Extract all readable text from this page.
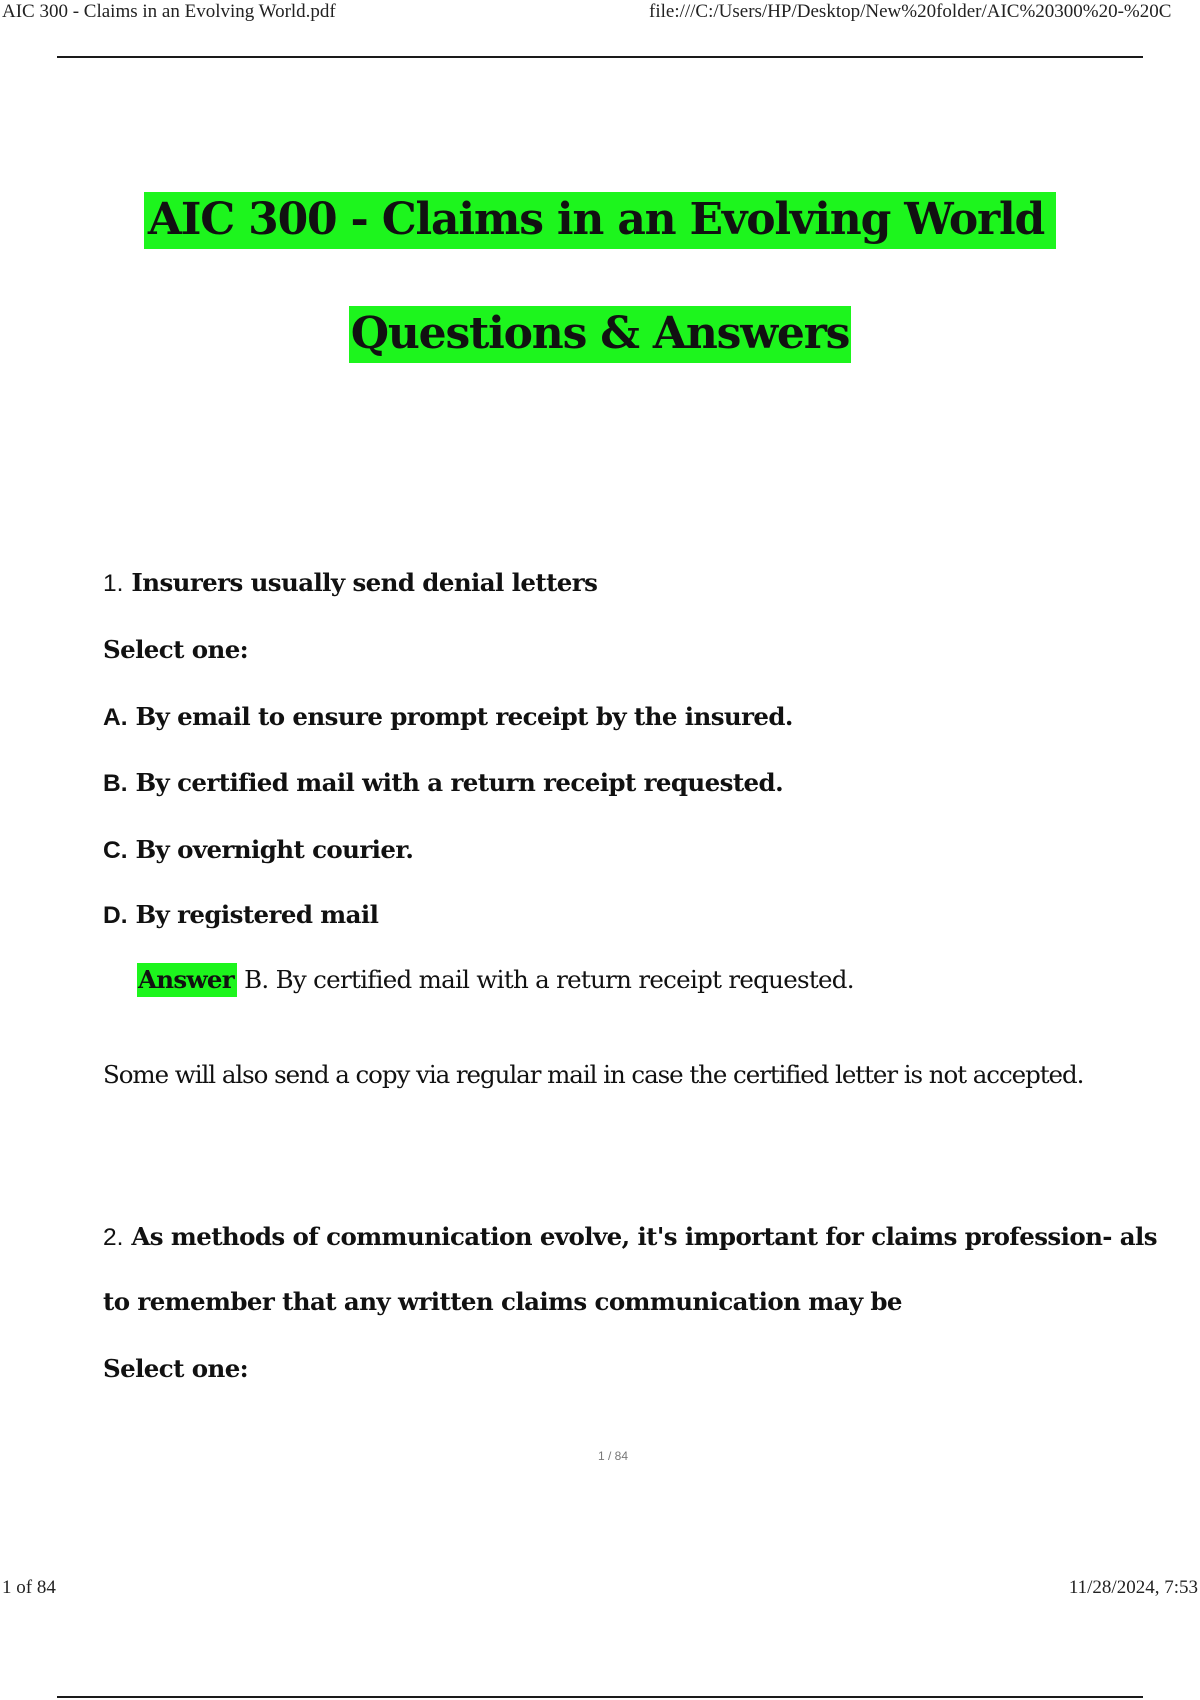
AIC 300 - Claims in an Evolving World.pdf	file:///C:/Users/HP/Desktop/New%20folder/AIC%20300%20-%20C
AIC 300 - Claims in an Evolving World
Questions & Answers
1. Insurers usually send denial letters
Select one:
A. By email to ensure prompt receipt by the insured.
B. By certified mail with a return receipt requested.
C. By overnight courier.
D. By registered mail
Answer B. By certified mail with a return receipt requested.
Some will also send a copy via regular mail in case the certified letter is not accepted.
2. As methods of communication evolve, it's important for claims profession- als
to remember that any written claims communication may be
Select one:
1 / 84
1 of 84	11/28/2024, 7:53
